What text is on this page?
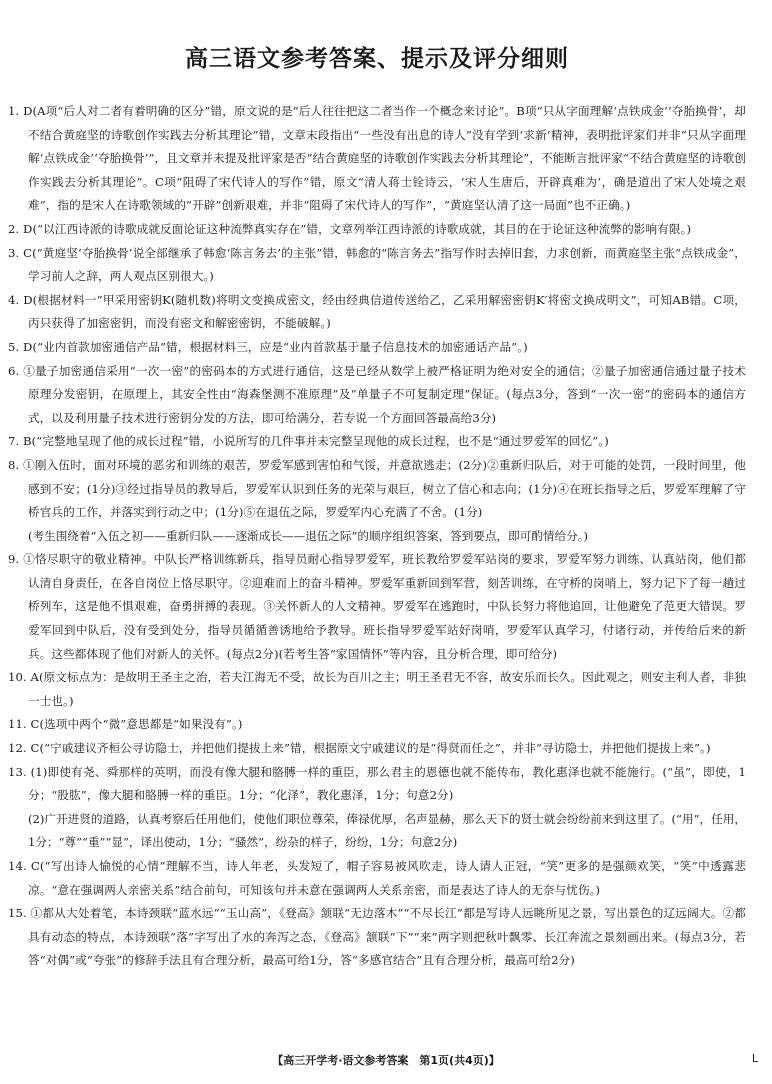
高三语文参考答案、提示及评分细则

1. D(A项“后人对二者有着明确的区分”错，原文说的是“后人往往把这二者当作一个概念来讨论”。B项“只从字面理解‘点铁成金’‘夺胎换骨’，却不结合黄庭坚的诗歌创作实践去分析其理论”错，文章末段指出“一些没有出息的诗人”没有学到‘求新’精神，表明批评家们并非“只从字面理解‘点铁成金’‘夺胎换骨’”，且文章并未提及批评家是否“结合黄庭坚的诗歌创作实践去分析其理论”，不能断言批评家“不结合黄庭坚的诗歌创作实践去分析其理论”。C项“阻碍了宋代诗人的写作”错，原文“清人蒋士铨诗云，‘宋人生唐后，开辟真难为’，确是道出了宋人处境之艰难”，指的是宋人在诗歌领域的“开辟”创新艰难，并非“阻碍了宋代诗人的写作”，“黄庭坚认清了这一局面”也不正确。)

2. D(“以江西诗派的诗歌成就反面论证这种流弊真实存在”错，文章列举江西诗派的诗歌成就，其目的在于论证这种流弊的影响有限。)

3. C(“黄庭坚‘夺胎换骨’说全部继承了韩愈‘陈言务去’的主张”错，韩愈的“陈言务去”指写作时去掉旧套，力求创新，而黄庭坚主张“点铁成金”，学习前人之辞，两人观点区别很大。)

4. D(根据材料一“甲采用密钥K(随机数)将明文变换成密文，经由经典信道传送给乙，乙采用解密密钥K′将密文换成明文”，可知AB错。C项，丙只获得了加密密钥，而没有密文和解密密钥，不能破解。)

5. D(“业内首款加密通信产品”错，根据材料三，应是“业内首款基于量子信息技术的加密通话产品”。)

6. ①量子加密通信采用“一次一密”的密码本的方式进行通信，这是已经从数学上被严格证明为绝对安全的通信；②量子加密通信通过量子技术原理分发密钥，在原理上，其安全性由“海森堡测不准原理”及“单量子不可复制定理”保证。(每点3分，答到“一次一密”的密码本的通信方式，以及利用量子技术进行密钥分发的方法，即可给满分，若专说一个方面回答最高给3分)

7. B(“完整地呈现了他的成长过程”错，小说所写的几件事并未完整呈现他的成长过程，也不是“通过罗爱军的回忆”。)

8. ①刚入伍时，面对环境的恶劣和训练的艰苦，罗爱军感到害怕和气馁，并意欲逃走；(2分)②重新归队后，对于可能的处罚，一段时间里，他感到不安；(1分)③经过指导员的教导后，罗爱军认识到任务的光荣与艰巨，树立了信心和志向；(1分)④在班长指导之后，罗爱军理解了守桥官兵的工作，并落实到行动之中；(1分)⑤在退伍之际，罗爱军内心充满了不舍。(1分)

(考生围绕着“入伍之初——重新归队——逐渐成长——退伍之际”的顺序组织答案，答到要点，即可酌情给分。)

9. ①恪尽职守的敬业精神。中队长严格训练新兵，指导员耐心指导罗爱军，班长教给罗爱军站岗的要求，罗爱军努力训练、认真站岗，他们都认清自身责任，在各自岗位上恪尽职守。②迎难而上的奋斗精神。罗爱军重新回到军营，刻苦训练，在守桥的岗哨上，努力记下了每一趟过桥列车，这是他不惧艰难，奋勇拼搏的表现。③关怀新人的人文精神。罗爱军在逃跑时，中队长努力将他追回，让他避免了范更大错误。罗爱军回到中队后，没有受到处分，指导员循循善诱地给予教导。班长指导罗爱军站好岗哨，罗爱军认真学习，付诸行动，并传给后来的新兵。这些都体现了他们对新人的关怀。(每点2分)(若考生答“家国情怀”等内容，且分析合理，即可给分)

10. A(原文标点为：是故明王圣主之治，若夫江海无不受，故长为百川之主；明王圣君无不容，故安乐而长久。因此观之，则安主利人者，非独一士也。)

11. C(选项中两个“微”意思都是“如果没有”。)

12. C(“宁戚建议齐桓公寻访隐士，并把他们提拔上来”错，根据原文宁戚建议的是“得贤而任之”，并非“寻访隐士，并把他们提拔上来”。)

13. (1)即使有尧、舜那样的英明，而没有像大腿和胳膊一样的重臣，那么君主的恩德也就不能传布，教化惠泽也就不能施行。(“虽”，即使，1分；“股肱”，像大腿和胳膊一样的重臣。1分；“化泽”，教化惠泽，1分；句意2分)

(2)广开进贤的道路，认真考察后任用他们，使他们职位尊荣，俸禄优厚，名声显赫，那么天下的贤士就会纷纷前来到这里了。(“用”，任用，1分；“尊”“重”“显”，译出使动，1分；“骚然”，纷杂的样子，纷纷，1分；句意2分)

14. C(“写出诗人愉悦的心情”理解不当，诗人年老，头发短了，帽子容易被风吹走，诗人请人正冠，“笑”更多的是强颜欢笑，“笑”中透露悲凉。“意在强调两人亲密关系”结合前句，可知该句并未意在强调两人关系亲密，而是表达了诗人的无奈与忧伤。)

15. ①都从大处着笔，本诗颈联“蓝水远”“玉山高”，《登高》颔联“无边落木”“不尽长江”都是写诗人远眺所见之景，写出景色的辽远阔大。②都具有动态的特点，本诗颈联“落”字写出了水的奔泻之态，《登高》颔联“下”“来”两字则把秋叶飘零、长江奔流之景刻画出来。(每点3分，若答“对偶”或“夸张”的修辞手法且有合理分析，最高可给1分，答“多感官结合”且有合理分析，最高可给2分)

【高三开学考·语文参考答案　第1页(共4页)】	L
